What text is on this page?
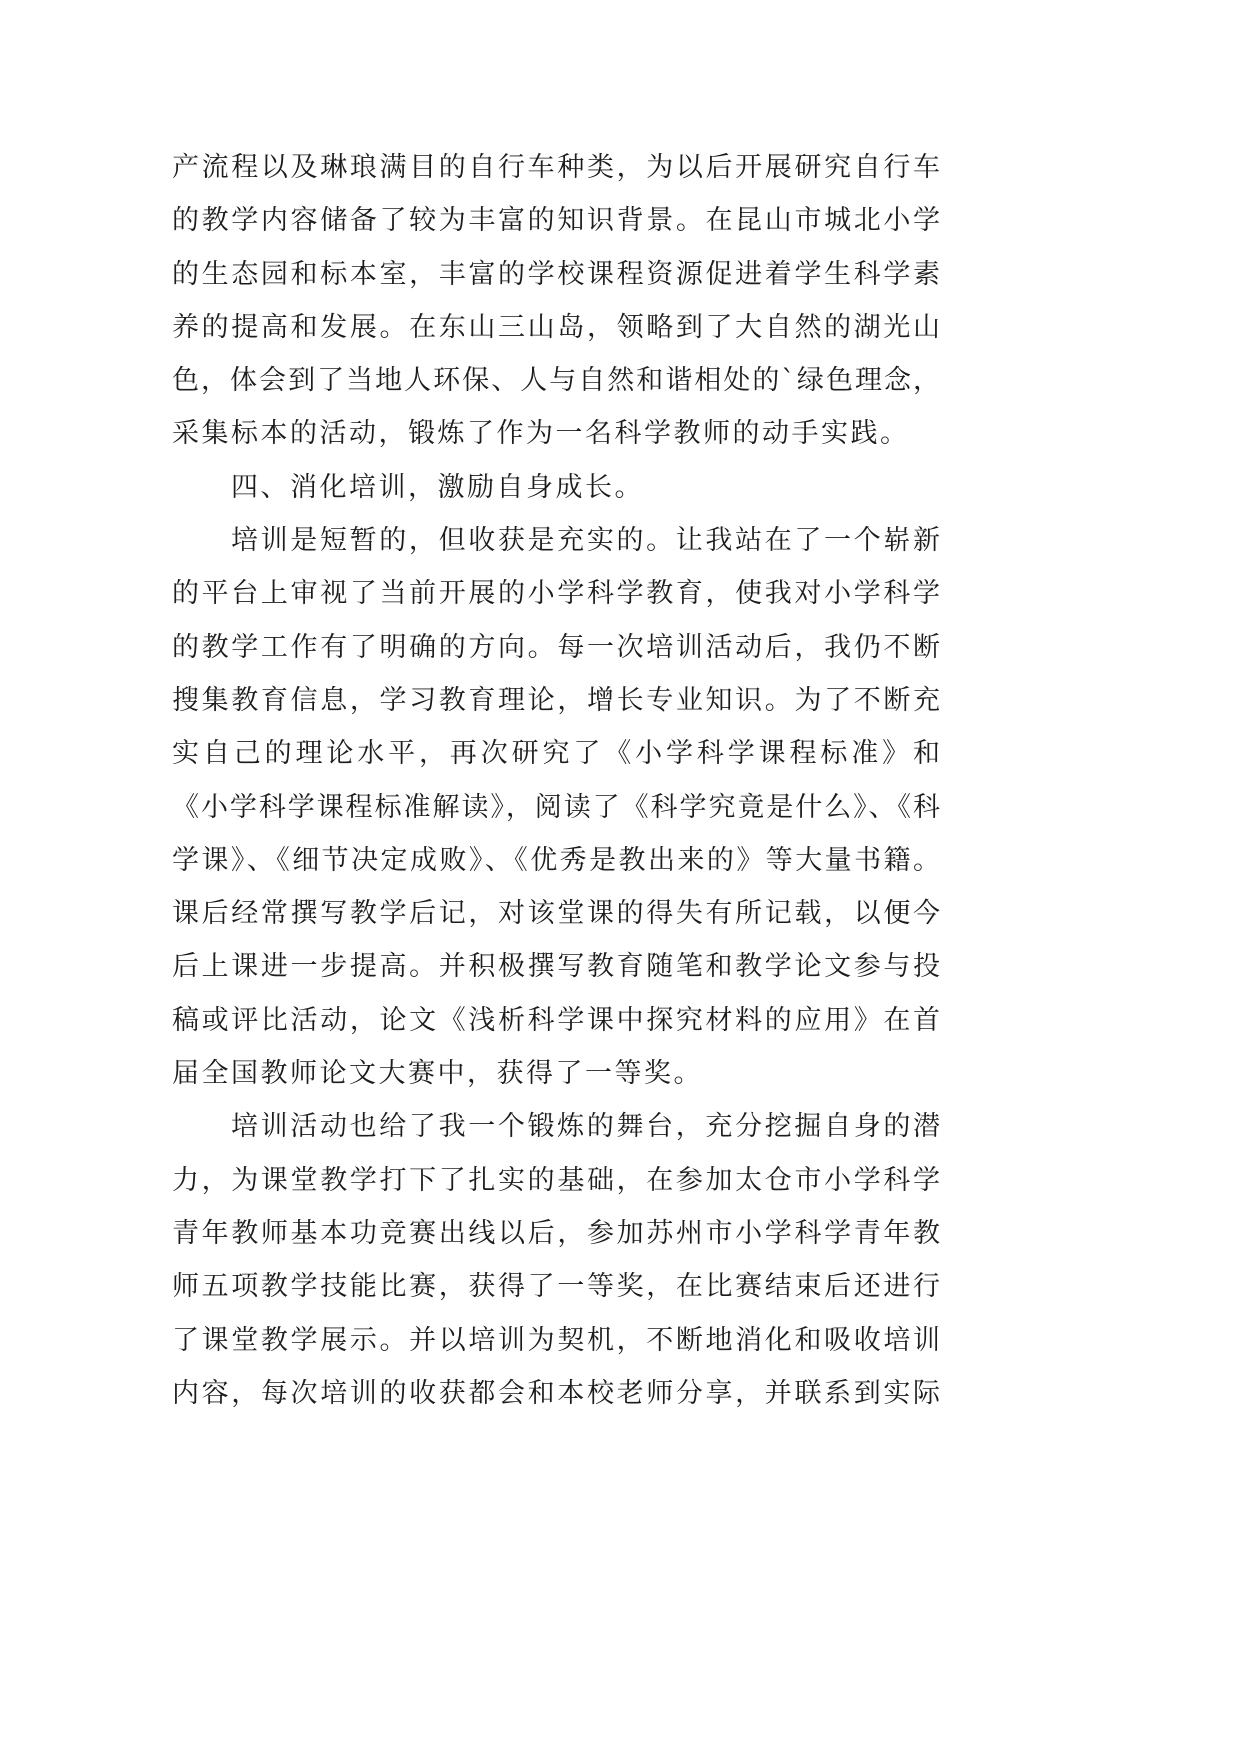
产流程以及琳琅满目的自行车种类，为以后开展研究自行车
的教学内容储备了较为丰富的知识背景。在昆山市城北小学
的生态园和标本室，丰富的学校课程资源促进着学生科学素
养的提高和发展。在东山三山岛，领略到了大自然的湖光山
色，体会到了当地人环保、人与自然和谐相处的`绿色理念，
采集标本的活动，锻炼了作为一名科学教师的动手实践。
四、消化培训，激励自身成长。
培训是短暂的，但收获是充实的。让我站在了一个崭新
的平台上审视了当前开展的小学科学教育，使我对小学科学
的教学工作有了明确的方向。每一次培训活动后，我仍不断
搜集教育信息，学习教育理论，增长专业知识。为了不断充
实自己的理论水平，再次研究了《小学科学课程标准》和
《小学科学课程标准解读》，阅读了《科学究竟是什么》、《科
学课》、《细节决定成败》、《优秀是教出来的》等大量书籍。
课后经常撰写教学后记，对该堂课的得失有所记载，以便今
后上课进一步提高。并积极撰写教育随笔和教学论文参与投
稿或评比活动，论文《浅析科学课中探究材料的应用》在首
届全国教师论文大赛中，获得了一等奖。
培训活动也给了我一个锻炼的舞台，充分挖掘自身的潜
力，为课堂教学打下了扎实的基础，在参加太仓市小学科学
青年教师基本功竞赛出线以后，参加苏州市小学科学青年教
师五项教学技能比赛，获得了一等奖，在比赛结束后还进行
了课堂教学展示。并以培训为契机，不断地消化和吸收培训
内容，每次培训的收获都会和本校老师分享，并联系到实际
